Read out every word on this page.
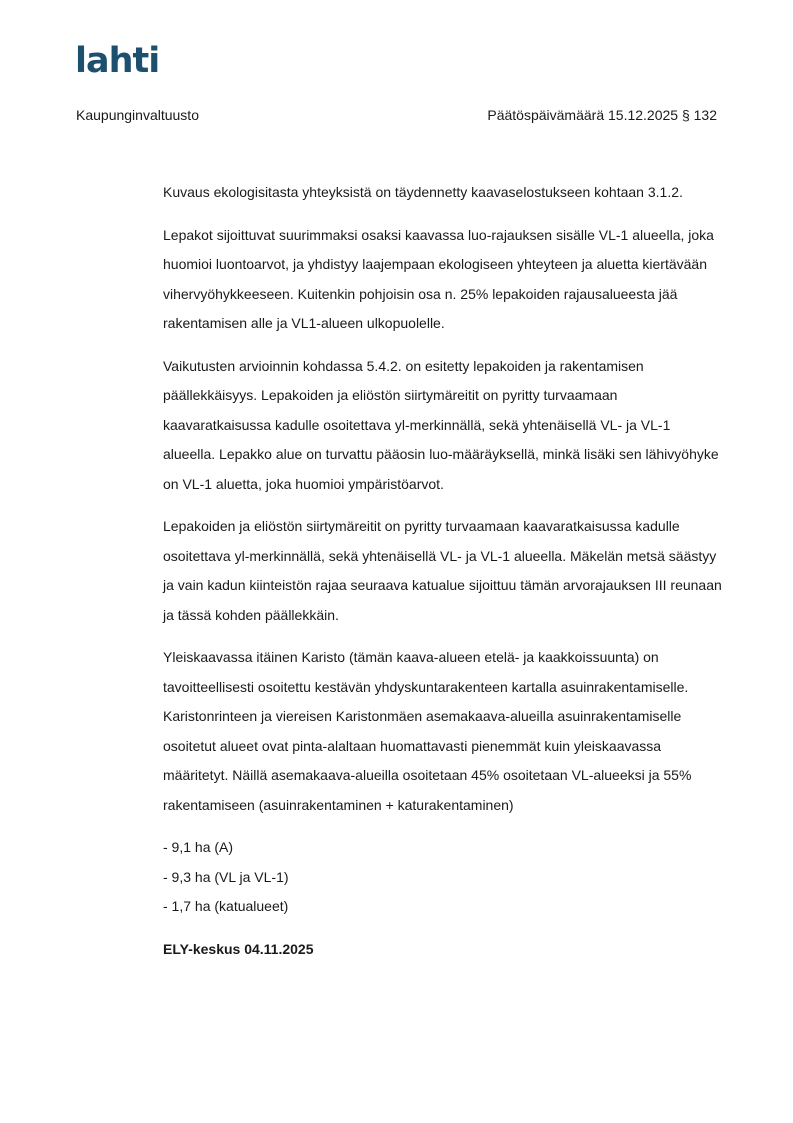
lahti
Kaupunginvaltuusto	Päätöspäivämäärä 15.12.2025 § 132

Kuvaus ekologisitasta yhteyksistä on täydennetty kaavaselostukseen kohtaan 3.1.2.

Lepakot sijoittuvat suurimmaksi osaksi kaavassa luo-rajauksen sisälle VL-1 alueella, joka huomioi luontoarvot, ja yhdistyy laajempaan ekologiseen yhteyteen ja aluetta kiertävään vihervyöhykkeeseen. Kuitenkin pohjoisin osa n. 25% lepakoiden rajausalueesta jää rakentamisen alle ja VL1-alueen ulkopuolelle.

Vaikutusten arvioinnin kohdassa 5.4.2. on esitetty lepakoiden ja rakentamisen päällekkäisyys. Lepakoiden ja eliöstön siirtymäreitit on pyritty turvaamaan kaavaratkaisussa kadulle osoitettava yl-merkinnällä, sekä yhtenäisellä VL- ja VL-1 alueella. Lepakko alue on turvattu pääosin luo-määräyksellä, minkä lisäki sen lähivyöhyke on VL-1 aluetta, joka huomioi ympäristöarvot.

Lepakoiden ja eliöstön siirtymäreitit on pyritty turvaamaan kaavaratkaisussa kadulle osoitettava yl-merkinnällä, sekä yhtenäisellä VL- ja VL-1 alueella. Mäkelän metsä säästyy ja vain kadun kiinteistön rajaa seuraava katualue sijoittuu tämän arvorajauksen III reunaan ja tässä kohden päällekkäin.

Yleiskaavassa itäinen Karisto (tämän kaava-alueen etelä- ja kaakkoissuunta) on tavoitteellisesti osoitettu kestävän yhdyskuntarakenteen kartalla asuinrakentamiselle. Karistonrinteen ja viereisen Karistonmäen asemakaava-alueilla asuinrakentamiselle osoitetut alueet ovat pinta-alaltaan huomattavasti pienemmät kuin yleiskaavassa määritetyt. Näillä asemakaava-alueilla osoitetaan 45% osoitetaan VL-alueeksi ja 55% rakentamiseen (asuinrakentaminen + katurakentaminen)

- 9,1 ha (A)
- 9,3 ha (VL ja VL-1)
- 1,7 ha (katualueet)
ELY-keskus 04.11.2025
